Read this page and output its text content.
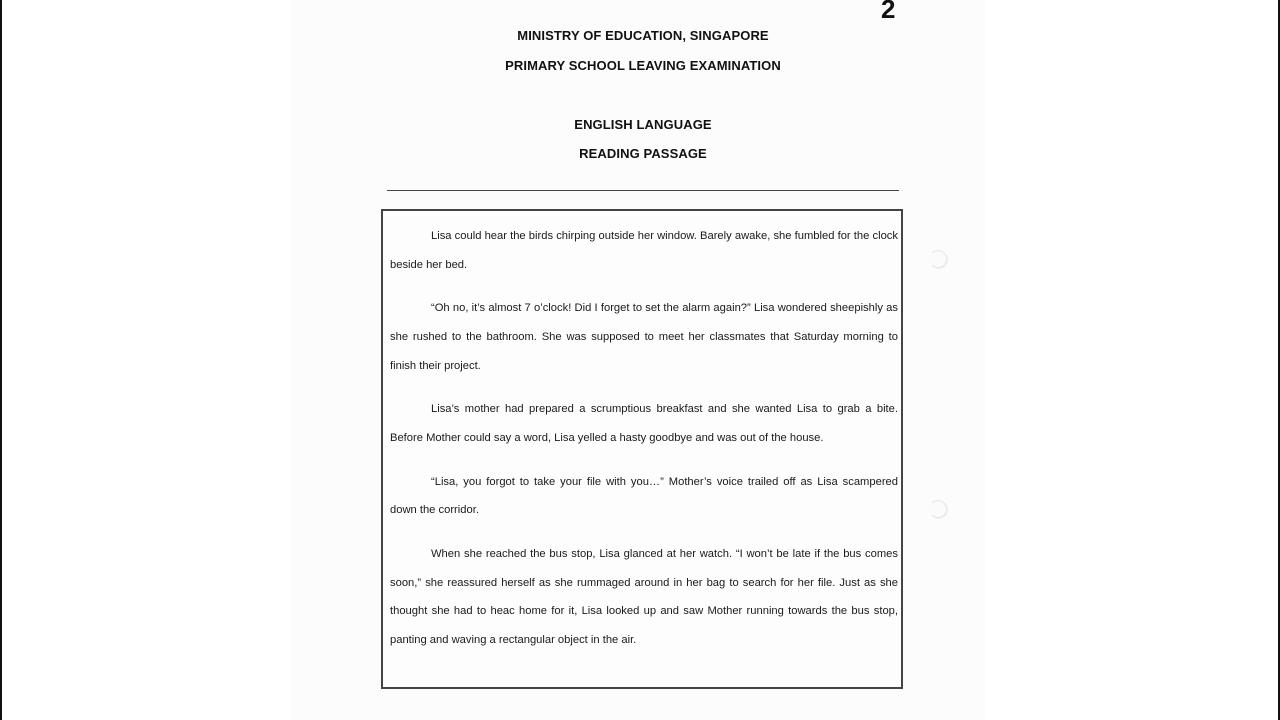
2
MINISTRY OF EDUCATION, SINGAPORE
PRIMARY SCHOOL LEAVING EXAMINATION
ENGLISH LANGUAGE
READING PASSAGE

Lisa could hear the birds chirping outside her window. Barely awake, she fumbled for the clock beside her bed.

“Oh no, it’s almost 7 o’clock! Did I forget to set the alarm again?” Lisa wondered sheepishly as she rushed to the bathroom. She was supposed to meet her classmates that Saturday morning to finish their project.

Lisa’s mother had prepared a scrumptious breakfast and she wanted Lisa to grab a bite. Before Mother could say a word, Lisa yelled a hasty goodbye and was out of the house.

“Lisa, you forgot to take your file with you…” Mother’s voice trailed off as Lisa scampered down the corridor.

When she reached the bus stop, Lisa glanced at her watch. “I won’t be late if the bus comes soon,” she reassured herself as she rummaged around in her bag to search for her file. Just as she thought she had to heac home for it, Lisa looked up and saw Mother running towards the bus stop, panting and waving a rectangular object in the air.
